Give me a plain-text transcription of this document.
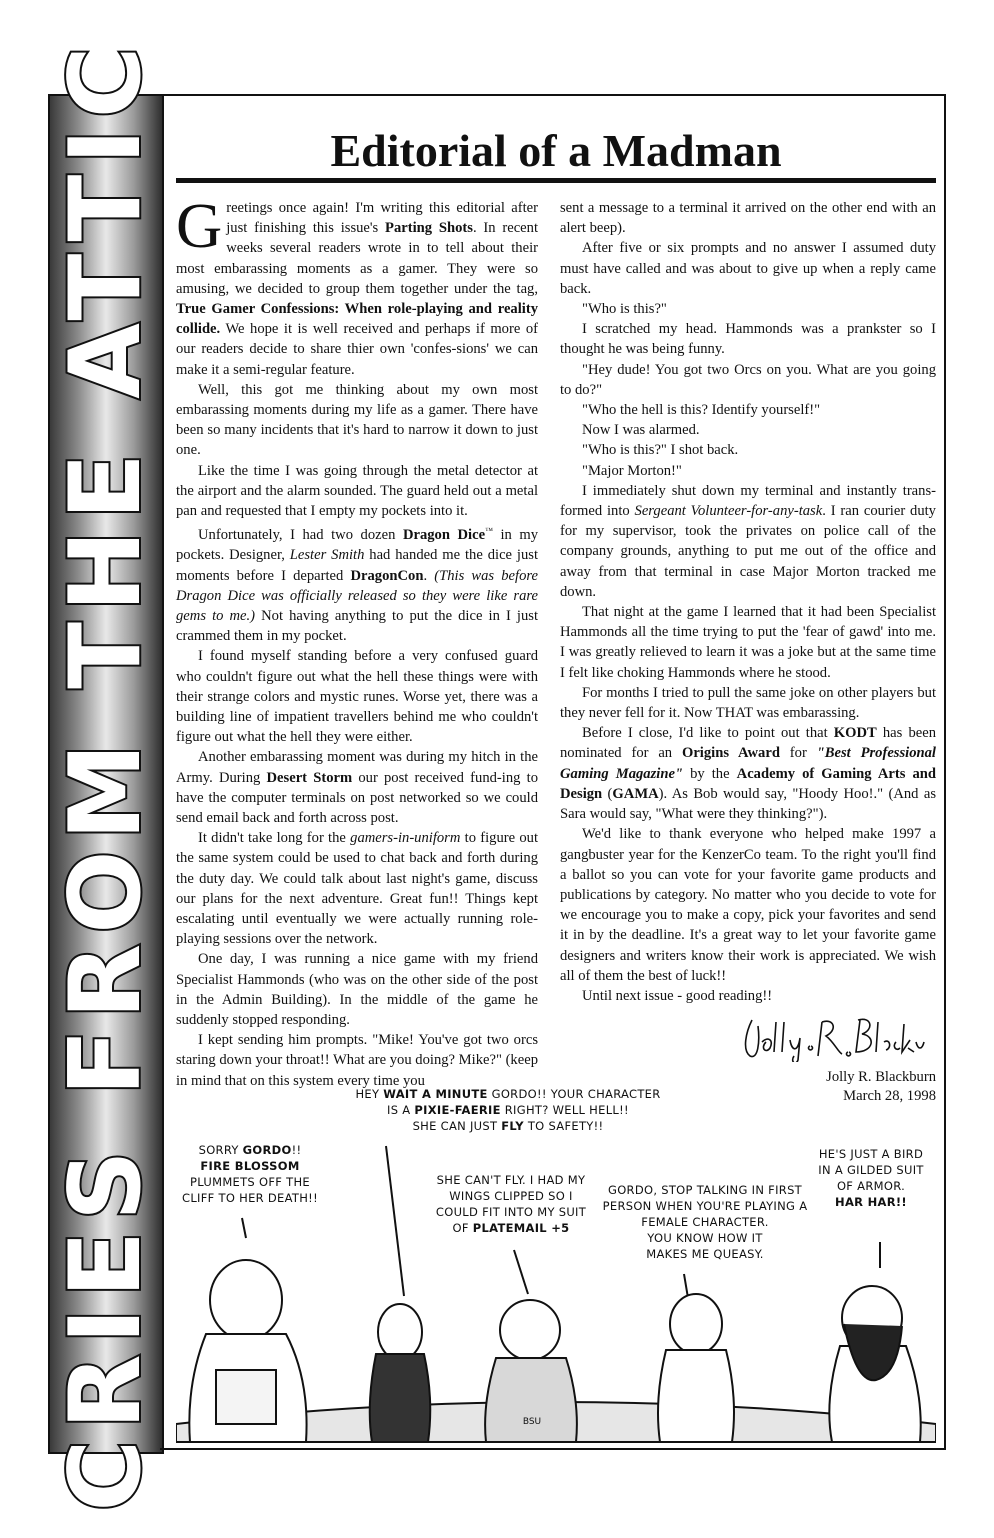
CRIES FROM THE ATTIC	Editorial of a Madman

Greetings once again! I'm writing this editorial after just finishing this issue's Parting Shots. In recent weeks several readers wrote in to tell about their most embarassing moments as a gamer. They were so amusing, we decided to group them together under the tag, True Gamer Confessions: When role-playing and reality collide. We hope it is well received and perhaps if more of our readers decide to share thier own 'confes-sions' we can make it a semi-regular feature.

Well, this got me thinking about my own most embarassing moments during my life as a gamer. There have been so many incidents that it's hard to narrow it down to just one.

Like the time I was going through the metal detector at the airport and the alarm sounded. The guard held out a metal pan and requested that I empty my pockets into it.

Unfortunately, I had two dozen Dragon Dice™ in my pockets. Designer, Lester Smith had handed me the dice just moments before I departed DragonCon. (This was before Dragon Dice was officially released so they were like rare gems to me.) Not having anything to put the dice in I just crammed them in my pocket.

I found myself standing before a very confused guard who couldn't figure out what the hell these things were with their strange colors and mystic runes. Worse yet, there was a building line of impatient travellers behind me who couldn't figure out what the hell they were either.

Another embarassing moment was during my hitch in the Army. During Desert Storm our post received fund-ing to have the computer terminals on post networked so we could send email back and forth across post.

It didn't take long for the gamers-in-uniform to figure out the same system could be used to chat back and forth during the duty day. We could talk about last night's game, discuss our plans for the next adventure. Great fun!! Things kept escalating until eventually we were actually running role-playing sessions over the network.

One day, I was running a nice game with my friend Specialist Hammonds (who was on the other side of the post in the Admin Building). In the middle of the game he suddenly stopped responding.

I kept sending him prompts. "Mike! You've got two orcs staring down your throat!! What are you doing? Mike?" (keep in mind that on this system every time you

sent a message to a terminal it arrived on the other end with an alert beep).

After five or six prompts and no answer I assumed duty must have called and was about to give up when a reply came back.

"Who is this?"

I scratched my head. Hammonds was a prankster so I thought he was being funny.

"Hey dude! You got two Orcs on you. What are you going to do?"

"Who the hell is this? Identify yourself!"

Now I was alarmed.

"Who is this?" I shot back.

"Major Morton!"

I immediately shut down my terminal and instantly trans-formed into Sergeant Volunteer-for-any-task. I ran courier duty for my supervisor, took the privates on police call of the company grounds, anything to put me out of the office and away from that terminal in case Major Morton tracked me down.

That night at the game I learned that it had been Specialist Hammonds all the time trying to put the 'fear of gawd' into me. I was greatly relieved to learn it was a joke but at the same time I felt like choking Hammonds where he stood.

For months I tried to pull the same joke on other players but they never fell for it. Now THAT was embarassing.

Before I close, I'd like to point out that KODT has been nominated for an Origins Award for "Best Professional Gaming Magazine" by the Academy of Gaming Arts and Design (GAMA). As Bob would say, "Hoody Hoo!." (And as Sara would say, "What were they thinking?").

We'd like to thank everyone who helped make 1997 a gangbuster year for the KenzerCo team. To the right you'll find a ballot so you can vote for your favorite game products and publications by category. No matter who you decide to vote for we encourage you to make a copy, pick your favorites and send it in by the deadline. It's a great way to let your favorite game designers and writers know their work is appreciated. We wish all of them the best of luck!!

Until next issue - good reading!!

Jolly R. Blackburn
March 28, 1998
BSU
SORRY GORDO!!
FIRE BLOSSOM
PLUMMETS OFF THE
CLIFF TO HER DEATH!!
HEY WAIT A MINUTE GORDO!! YOUR CHARACTER
IS A PIXIE-FAERIE RIGHT? WELL HELL!!
SHE CAN JUST FLY TO SAFETY!!
SHE CAN'T FLY. I HAD MY
WINGS CLIPPED SO I
COULD FIT INTO MY SUIT
OF PLATEMAIL +5
GORDO, STOP TALKING IN FIRST
PERSON WHEN YOU'RE PLAYING A
FEMALE CHARACTER.
YOU KNOW HOW IT
MAKES ME QUEASY.
HE'S JUST A BIRD
IN A GILDED SUIT
OF ARMOR.
HAR HAR!!
